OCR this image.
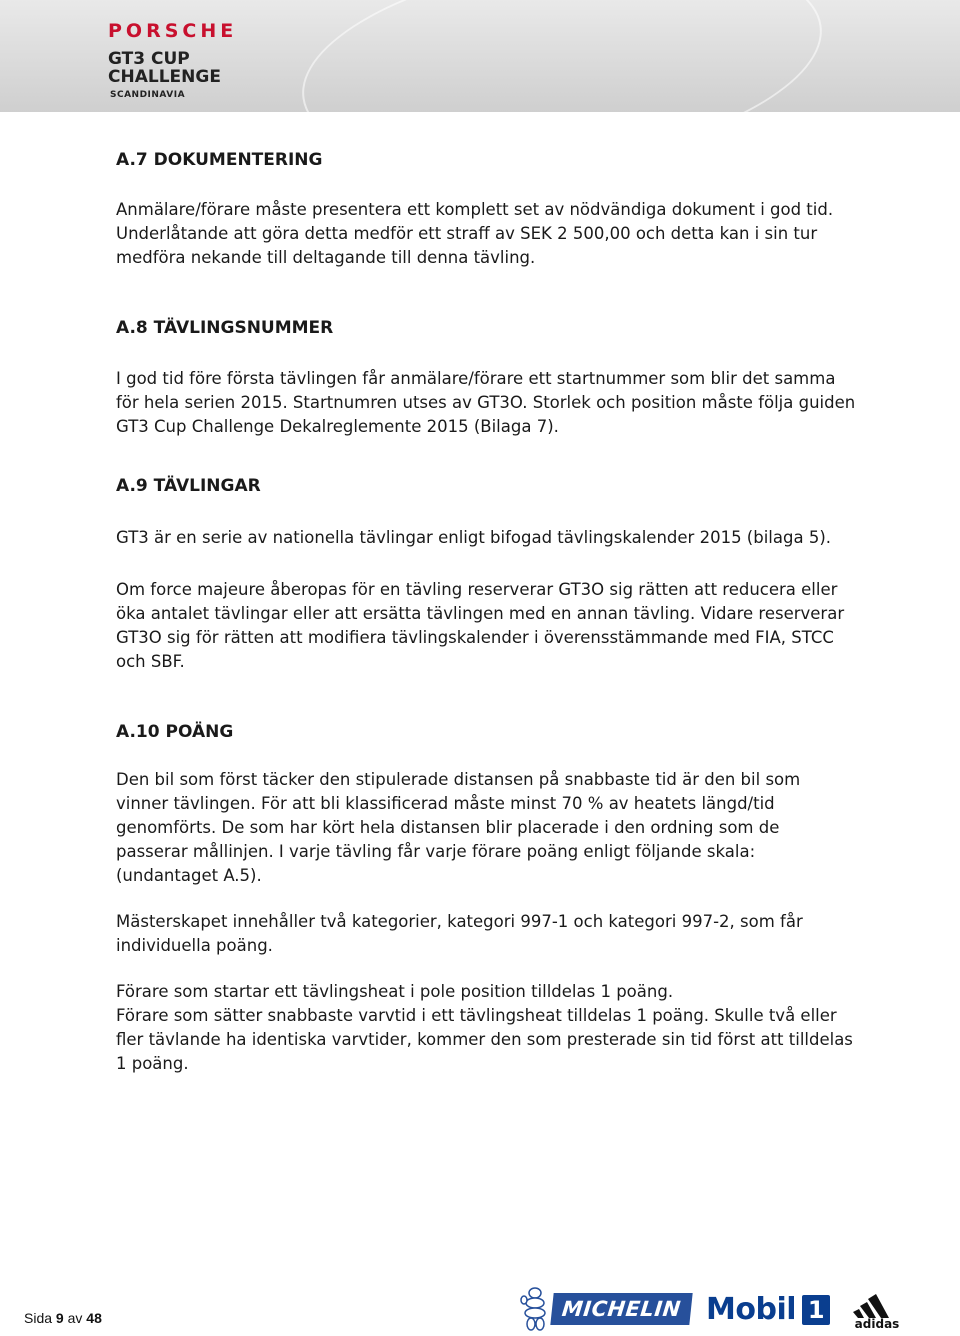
PORSCHE
GT3 CUP
CHALLENGE
SCANDINAVIA
A.7 DOKUMENTERING

Anmälare/förare måste presentera ett komplett set av nödvändiga dokument i god tid. Underlåtande att göra detta medför ett straff av SEK 2 500,00 och detta kan i sin tur medföra nekande till deltagande till denna tävling.

A.8 TÄVLINGSNUMMER

I god tid före första tävlingen får anmälare/förare ett startnummer som blir det samma för hela serien 2015. Startnumren utses av GT3O. Storlek och position måste följa guiden GT3 Cup Challenge Dekalreglemente 2015 (Bilaga 7).

A.9 TÄVLINGAR

GT3 är en serie av nationella tävlingar enligt bifogad tävlingskalender 2015 (bilaga 5).

Om force majeure åberopas för en tävling reserverar GT3O sig rätten att reducera eller öka antalet tävlingar eller att ersätta tävlingen med en annan tävling. Vidare reserverar GT3O sig för rätten att modifiera tävlingskalender i överensstämmande med FIA, STCC och SBF.

A.10 POÄNG

Den bil som först täcker den stipulerade distansen på snabbaste tid är den bil som vinner tävlingen. För att bli klassificerad måste minst 70 % av heatets längd/tid genomförts. De som har kört hela distansen blir placerade i den ordning som de passerar mållinjen. I varje tävling får varje förare poäng enligt följande skala: (undantaget A.5).

Mästerskapet innehåller två kategorier, kategori 997-1 och kategori 997-2, som får individuella poäng.

Förare som startar ett tävlingsheat i pole position tilldelas 1 poäng.

Förare som sätter snabbaste varvtid i ett tävlingsheat tilldelas 1 poäng. Skulle två eller fler tävlande ha identiska varvtider, kommer den som presterade sin tid först att tilldelas 1 poäng.

Sida 9 av 48	MICHELIN Mobil 1
adidas
